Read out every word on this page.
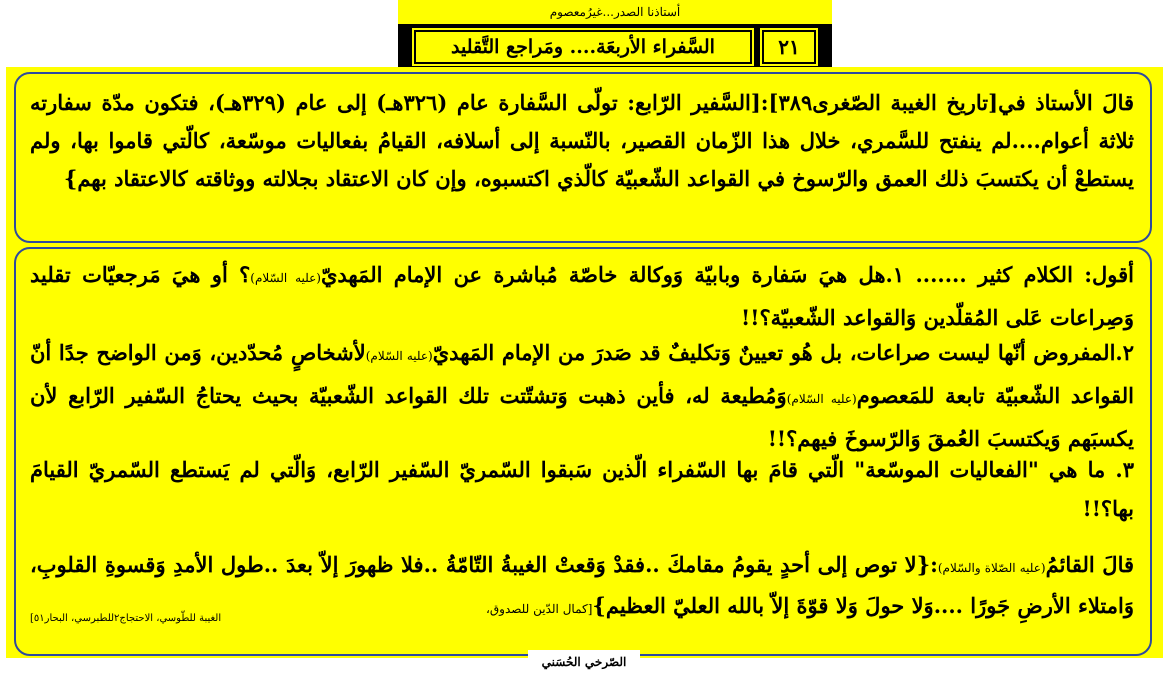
أستاذنا الصدر...غيرُمعصوم
٢١
السَّفراء الأربعَة.... ومَراجع التَّقليد
قالَ الأستاذ في[تاريخ الغيبة الصّغرى٣٨٩]:[السَّفير الرّابع: تولّى السَّفارة عام (٣٢٦هـ) إلى عام (٣٢٩هـ)، فتكون مدّة سفارته ثلاثة أعوام....لم ينفتح للسَّمري، خلال هذا الزّمان القصير، بالنّسبة إلى أسلافه، القيامُ بفعاليات موسّعة، كالّتي قاموا بها، ولم يستطعْ أن يكتسبَ ذلك العمق والرّسوخ في القواعد الشّعبيّة كالّذي اكتسبوه، وإن كان الاعتقاد بجلالته ووثاقته كالاعتقاد بهم}
أقول: الكلام كثير ....... ١.هل هيَ سَفارة وبابيّة وَوكالة خاصّة مُباشرة عن الإمام المَهديّ(عليه السّلام)؟ أو هيَ مَرجعيّات تقليد وَصِراعات عَلى المُقلّدين وَالقواعد الشّعبيّة؟!!
٢.المفروض أنّها ليست صراعات، بل هُو تعيينٌ وَتكليفٌ قد صَدرَ من الإمام المَهديّ(عليه السّلام)لأشخاصٍ مُحدّدين، وَمن الواضح جدًا أنّ القواعد الشّعبيّة تابعة للمَعصوم(عليه السّلام)وَمُطيعة له، فأين ذهبت وَتشتّتت تلك القواعد الشّعبيّة بحيث يحتاجُ السّفير الرّابع لأن يكسبَهم وَيكتسبَ العُمقَ وَالرّسوخَ فيهم؟!!
٣. ما هي "الفعاليات الموسّعة" الّتي قامَ بها السّفراء الّذين سَبقوا السّمريّ السّفير الرّابع، وَالّتي لم يَستطع السّمريّ القيامَ بها؟!!
قالَ القائمُ(عليه الصّلاة والسّلام):{لا توص إلى أحدٍ يقومُ مقامكَ ..فقدْ وَقعتْ الغيبةُ التّامّةُ ..فلا ظهورَ إلاّ بعدَ ..طول الأمدِ وَقسوةِ القلوبِ، وَامتلاء الأرضِ جَورًا ....وَلا حولَ وَلا قوّةَ إلاّ بالله العليّ العظيم}[كمال الدّين للصدوق،
الغيبة للطّوسي، الاحتجاج٢للطبرسي، البحار٥١]
الصّرخي الحُسَني
